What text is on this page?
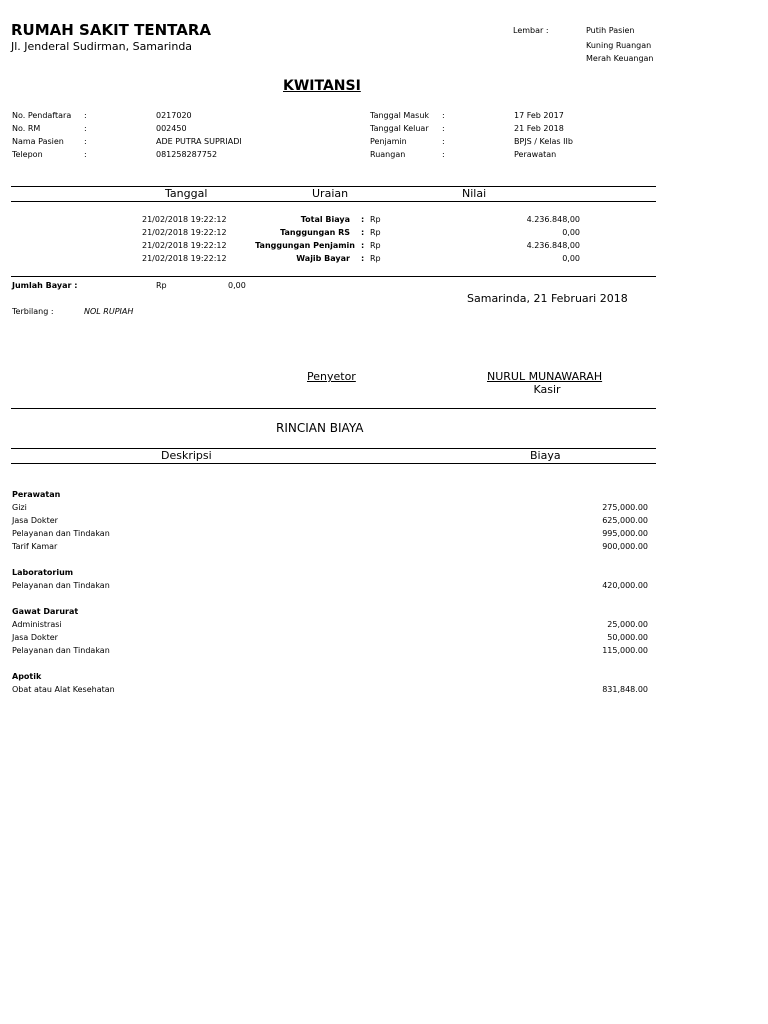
RUMAH SAKIT TENTARA
Jl. Jenderal Sudirman, Samarinda
Lembar :	Putih Pasien
Kuning Ruangan
Merah Keuangan
KWITANSI
No. Pendaftara :	0217020
No. RM	:	002450
Nama Pasien	:	ADE PUTRA SUPRIADI
Telepon	:	081258287752
Tanggal Masuk :	17 Feb 2017
Tanggal Keluar :	21 Feb 2018
Penjamin	:	BPJS / Kelas IIb
Ruangan	:	Perawatan
Tanggal	Uraian	Nilai
21/02/2018 19:22:12	Total Biaya : Rp	4.236.848,00
21/02/2018 19:22:12	Tanggungan RS : Rp	0,00
21/02/2018 19:22:12	Tanggungan Penjamin : Rp	4.236.848,00
21/02/2018 19:22:12	Wajib Bayar : Rp	0,00
Jumlah Bayar :	Rp	0,00
Samarinda, 21 Februari 2018
Terbilang :	NOL RUPIAH
Penyetor	NURUL MUNAWARAH
Kasir
RINCIAN BIAYA
Deskripsi	Biaya
Perawatan
Gizi	275,000.00
Jasa Dokter	625,000.00
Pelayanan dan Tindakan	995,000.00
Tarif Kamar	900,000.00
Laboratorium
Pelayanan dan Tindakan	420,000.00
Gawat Darurat
Administrasi	25,000.00
Jasa Dokter	50,000.00
Pelayanan dan Tindakan	115,000.00
Apotik
Obat atau Alat Kesehatan	831,848.00
